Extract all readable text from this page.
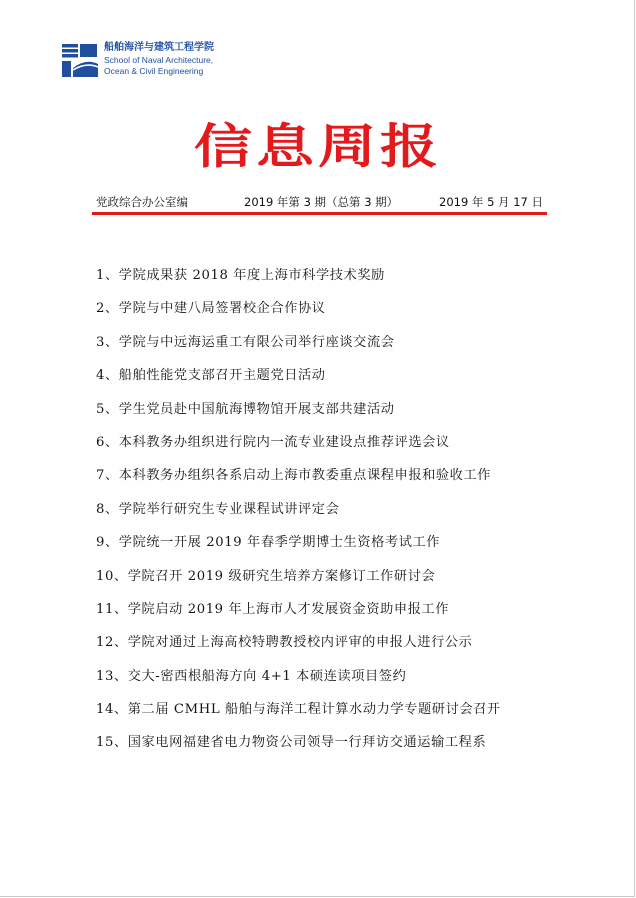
船舶海洋与建筑工程学院
School of Naval Architecture,
Ocean & Civil Engineering
信息周报
党政综合办公室编	2019 年第 3 期（总第 3 期）	2019 年 5 月 17 日
1、学院成果获 2018 年度上海市科学技术奖励
2、学院与中建八局签署校企合作协议
3、学院与中远海运重工有限公司举行座谈交流会
4、船舶性能党支部召开主题党日活动
5、学生党员赴中国航海博物馆开展支部共建活动
6、本科教务办组织进行院内一流专业建设点推荐评选会议
7、本科教务办组织各系启动上海市教委重点课程申报和验收工作
8、学院举行研究生专业课程试讲评定会
9、学院统一开展 2019 年春季学期博士生资格考试工作
10、学院召开 2019 级研究生培养方案修订工作研讨会
11、学院启动 2019 年上海市人才发展资金资助申报工作
12、学院对通过上海高校特聘教授校内评审的申报人进行公示
13、交大-密西根船海方向 4+1 本硕连读项目签约
14、第二届 CMHL 船舶与海洋工程计算水动力学专题研讨会召开
15、国家电网福建省电力物资公司领导一行拜访交通运输工程系
